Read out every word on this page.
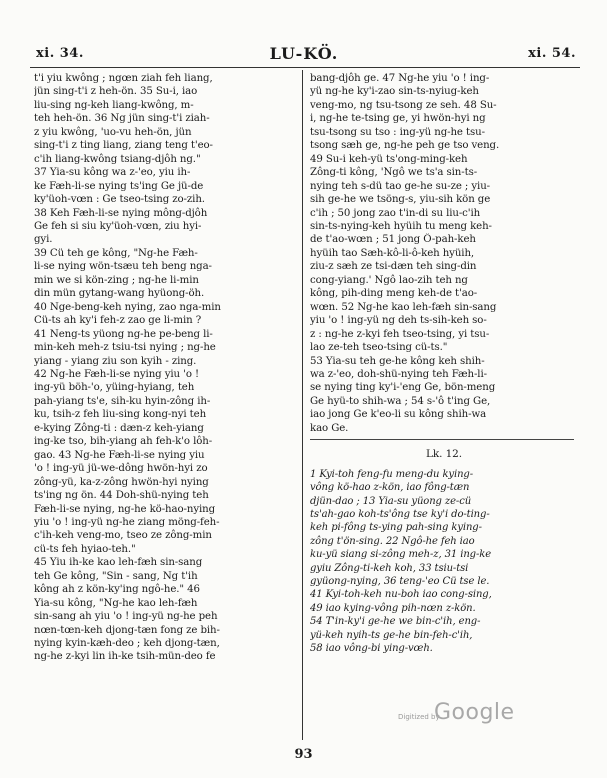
xi. 34.	LU-KÖ.	xi. 54.
t'i yiu kwông ; ngœn ziah feh liang,
jün sing-t'i z heh-ön. 35 Su-i, iao
liu-sing ng-keh liang-kwông, m-
teh heh-ön. 36 Ng jün sing-t'i ziah-
z yiu kwông, 'uo-vu heh-ön, jün
sing-t'i z ting liang, ziang teng t'eo-
c'ih liang-kwông tsiang-djôh ng."
37 Yia-su kông wa z-'eo, yiu ih-
ke Fæh-li-se nying ts'ing Ge jü-de
ky'üoh-vœn : Ge tseo-tsing zo-zih.
38 Keh Fæh-li-se nying mông-djôh
Ge feh si siu ky'üoh-vœn, ziu hyi-
gyi.
39 Cü teh ge kông, "Ng-he Fæh-
li-se nying wön-tsæu teh beng nga-
min we si kön-zing ; ng-he li-min
din mün gytang-wang hyüong-öh.
40 Nge-beng-keh nying, zao nga-min
Cü-ts ah ky'i feh-z zao ge li-min ?
41 Neng-ts yüong ng-he pe-beng li-
min-keh meh-z tsiu-tsi nying ; ng-he
yiang - yiang ziu son kyih - zing.
42 Ng-he Fæh-li-se nying yiu 'o !
ing-yü böh-'o, yüing-hyiang, teh
pah-yiang ts'e, sih-ku hyin-zông ih-
ku, tsih-z feh liu-sing kong-nyi teh
e-kying Zông-ti : dæn-z keh-yiang
ing-ke tso, bih-yiang ah feh-k'o lôh-
gao. 43 Ng-he Fæh-li-se nying yiu
'o ! ing-yü jü-we-dông hwön-hyi zo
zông-yü, ka-z-zông hwön-hyi nying
ts'ing ng ön. 44 Doh-shü-nying teh
Fæh-li-se nying, ng-he kö-hao-nying
yiu 'o ! ing-yü ng-he ziang möng-feh-
c'ih-keh veng-mo, tseo ze zông-min
cü-ts feh hyiao-teh."
45 Yiu ih-ke kao leh-fæh sin-sang
teh Ge kông, "Sin - sang, Ng t'ih
kông ah z kön-ky'ing ngô-he." 46
Yia-su kông, "Ng-he kao leh-fæh
sin-sang ah yiu 'o ! ing-yü ng-he peh
nœn-tœn-keh djong-tæn fong ze bih-
nying kyin-kæh-deo ; keh djong-tæn,
ng-he z-kyi lin ih-ke tsih-mün-deo fe
bang-djôh ge. 47 Ng-he yiu 'o ! ing-
yü ng-he ky'i-zao sin-ts-nyiug-keh
veng-mo, ng tsu-tsong ze seh. 48 Su-
i, ng-he te-tsing ge, yi hwön-hyi ng
tsu-tsong su tso : ing-yü ng-he tsu-
tsong sæh ge, ng-he peh ge tso veng.
49 Su-i keh-yü ts'ong-ming-keh
Zông-ti kông, 'Ngô we ts'a sin-ts-
nying teh s-dü tao ge-he su-ze ; yiu-
sih ge-he we tsöng-s, yiu-sih kön ge
c'ih ; 50 jong zao t'in-di su liu-c'ih
sin-ts-nying-keh hyüih tu meng keh-
de t'ao-wœn ; 51 jong Ô-pah-keh
hyüih tao Sæh-kô-li-ô-keh hyüih,
ziu-z sæh ze tsi-dæn teh sing-din
cong-yiang.' Ngô lao-zih teh ng
kông, pih-ding meng keh-de t'ao-
wœn. 52 Ng-he kao leh-fæh sin-sang
yiu 'o ! ing-yü ng deh ts-sih-keh so-
z : ng-he z-kyi feh tseo-tsing, yi tsu-
lao ze-teh tseo-tsing cü-ts."
53 Yia-su teh ge-he kông keh shih-
wa z-'eo, doh-shü-nying teh Fæh-li-
se nying ting ky'i-'eng Ge, bön-meng
Ge hyü-to shih-wa ; 54 s-'ô t'ing Ge,
iao jong Ge k'eo-li su kông shih-wa
kao Ge.
Lk. 12.
1 Kyi-toh feng-fu meng-du kying-
vông kö-hao z-kön, iao fông-tæn
djün-dao ; 13 Yia-su yüong ze-cü
ts'ah-gao koh-ts'ông tse ky'i do-ting-
keh pi-fông ts-ying pah-sing kying-
zông t'ön-sing. 22 Ngô-he feh iao
ku-yü siang si-zông meh-z, 31 ing-ke
gyiu Zông-ti-keh koh, 33 tsiu-tsi
gyüong-nying, 36 teng-'eo Cü tse le.
41 Kyi-toh-keh nu-boh iao cong-sing,
49 iao kying-vông pih-nœn z-kön.
54 T'in-ky'i ge-he we bin-c'ih, eng-
yü-keh nyih-ts ge-he bin-feh-c'ih,
58 iao vông-bi ying-vœh.
Digitized by
Google
93
